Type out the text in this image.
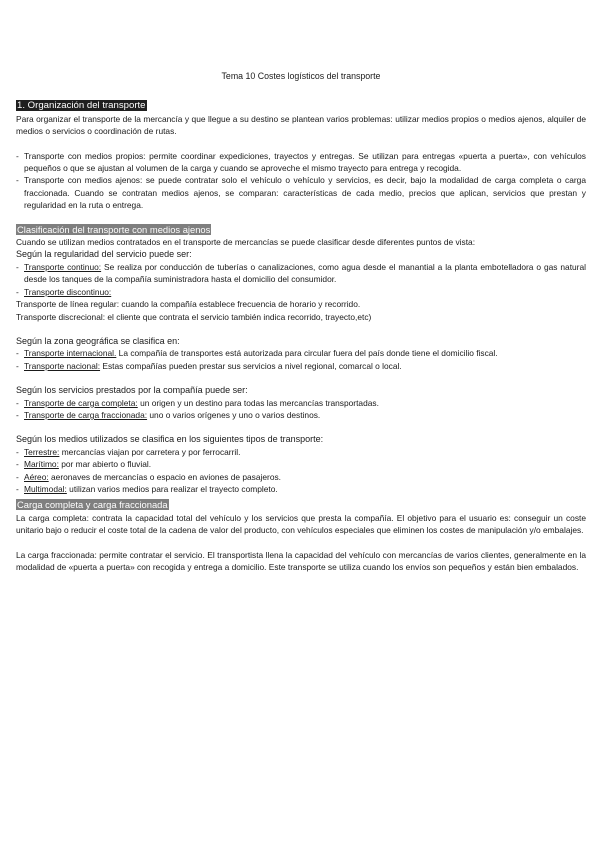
Tema 10 Costes logísticos del transporte
1. Organización del transporte

Para organizar el transporte de la mercancía y que llegue a su destino se plantean varios problemas: utilizar medios propios o medios ajenos, alquiler de medios o servicios o coordinación de rutas.

- Transporte con medios propios: permite coordinar expediciones, trayectos y entregas. Se utilizan para entregas «puerta a puerta», con vehículos pequeños o que se ajustan al volumen de la carga y cuando se aproveche el mismo trayecto para entrega y recogida.
- Transporte con medios ajenos: se puede contratar solo el vehículo o vehículo y servicios, es decir, bajo la modalidad de carga completa o carga fraccionada. Cuando se contratan medios ajenos, se comparan: características de cada medio, precios que aplican, servicios que prestan y regularidad en la ruta o entrega.
Clasificación del transporte con medios ajenos

Cuando se utilizan medios contratados en el transporte de mercancías se puede clasificar desde diferentes puntos de vista:

Según la regularidad del servicio puede ser:
- Transporte continuo: Se realiza por conducción de tuberías o canalizaciones, como agua desde el manantial a la planta embotelladora o gas natural desde los tanques de la compañía suministradora hasta el domicilio del consumidor.
- Transporte discontinuo:
Transporte de línea regular: cuando la compañía establece frecuencia de horario y recorrido.
Transporte discrecional: el cliente que contrata el servicio también indica recorrido, trayecto,etc)
Según la zona geográfica se clasifica en:
- Transporte internacional. La compañía de transportes está autorizada para circular fuera del país donde tiene el domicilio fiscal.
- Transporte nacional: Estas compañías pueden prestar sus servicios a nivel regional, comarcal o local.
Según los servicios prestados por la compañía puede ser:
- Transporte de carga completa: un origen y un destino para todas las mercancías transportadas.
- Transporte de carga fraccionada: uno o varios orígenes y uno o varios destinos.
Según los medios utilizados se clasifica en los siguientes tipos de transporte:
- Terrestre: mercancías viajan por carretera y por ferrocarril.
- Marítimo: por mar abierto o fluvial.
- Aéreo: aeronaves de mercancías o espacio en aviones de pasajeros.
- Multimodal: utilizan varios medios para realizar el trayecto completo.
Carga completa y carga fraccionada

La carga completa: contrata la capacidad total del vehículo y los servicios que presta la compañía. El objetivo para el usuario es: conseguir un coste unitario bajo o reducir el coste total de la cadena de valor del producto, con vehículos especiales que eliminen los costes de manipulación y/o embalajes.

La carga fraccionada: permite contratar el servicio. El transportista llena la capacidad del vehículo con mercancías de varios clientes, generalmente en la modalidad de «puerta a puerta» con recogida y entrega a domicilio. Este transporte se utiliza cuando los envíos son pequeños y están bien embalados.
